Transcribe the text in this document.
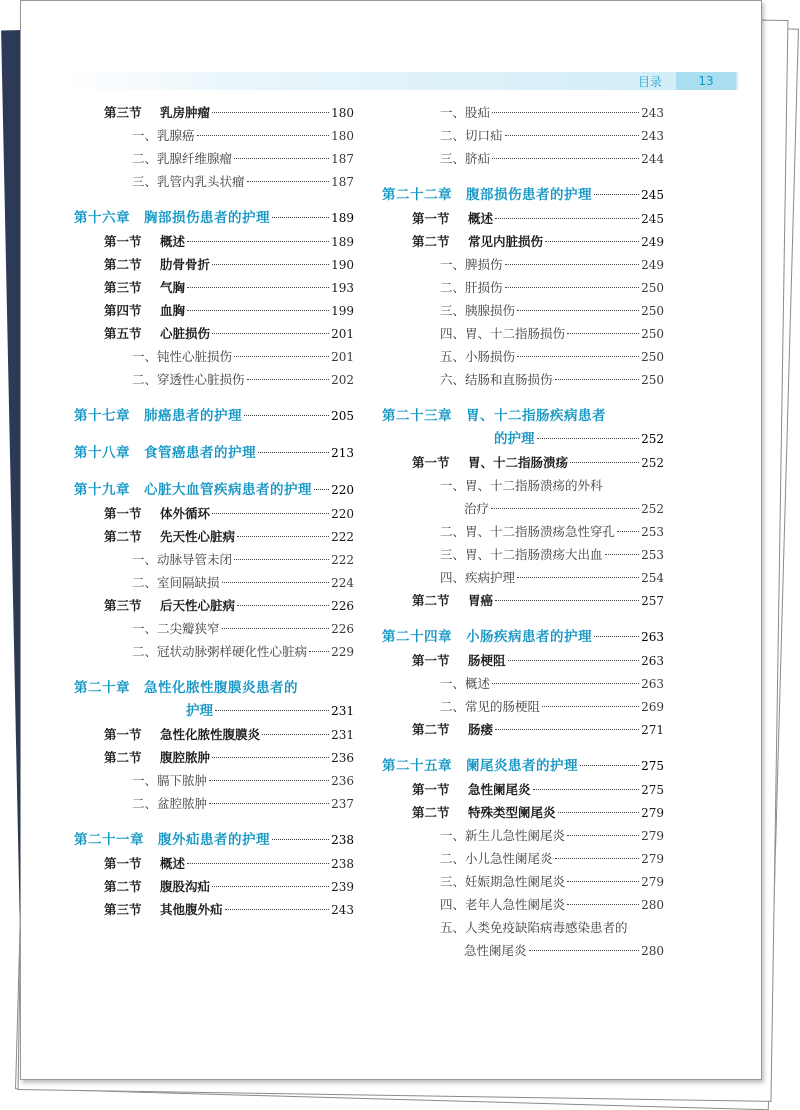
目录	13
第三节 乳房肿瘤	180
一、乳腺癌	180
二、乳腺纤维腺瘤	187
三、乳管内乳头状瘤	187
第十六章　胸部损伤患者的护理	189
第一节 概述	189
第二节 肋骨骨折	190
第三节 气胸	193
第四节 血胸	199
第五节 心脏损伤	201
一、钝性心脏损伤	201
二、穿透性心脏损伤	202
第十七章　肺癌患者的护理	205
第十八章　食管癌患者的护理	213
第十九章　心脏大血管疾病患者的护理 220
第一节 体外循环	220
第二节 先天性心脏病	222
一、动脉导管未闭	222
二、室间隔缺损	224
第三节 后天性心脏病	226
一、二尖瓣狭窄	226
二、冠状动脉粥样硬化性心脏病 229
第二十章　急性化脓性腹膜炎患者的
护理	231
第一节 急性化脓性腹膜炎	231
第二节 腹腔脓肿	236
一、膈下脓肿	236
二、盆腔脓肿	237
第二十一章　腹外疝患者的护理	238
第一节 概述	238
第二节 腹股沟疝	239
第三节 其他腹外疝	243
一、股疝	243
二、切口疝	243
三、脐疝	244
第二十二章　腹部损伤患者的护理	245
第一节 概述	245
第二节 常见内脏损伤	249
一、脾损伤	249
二、肝损伤	250
三、胰腺损伤	250
四、胃、十二指肠损伤	250
五、小肠损伤	250
六、结肠和直肠损伤	250
第二十三章　胃、十二指肠疾病患者
的护理	252
第一节 胃、十二指肠溃疡	252
一、胃、十二指肠溃疡的外科
治疗	252
二、胃、十二指肠溃疡急性穿孔 253
三、胃、十二指肠溃疡大出血	253
四、疾病护理	254
第二节 胃癌	257
第二十四章　小肠疾病患者的护理	263
第一节 肠梗阻	263
一、概述	263
二、常见的肠梗阻	269
第二节 肠瘘	271
第二十五章　阑尾炎患者的护理	275
第一节 急性阑尾炎	275
第二节 特殊类型阑尾炎	279
一、新生儿急性阑尾炎	279
二、小儿急性阑尾炎	279
三、妊娠期急性阑尾炎	279
四、老年人急性阑尾炎	280
五、人类免疫缺陷病毒感染患者的
急性阑尾炎	280
